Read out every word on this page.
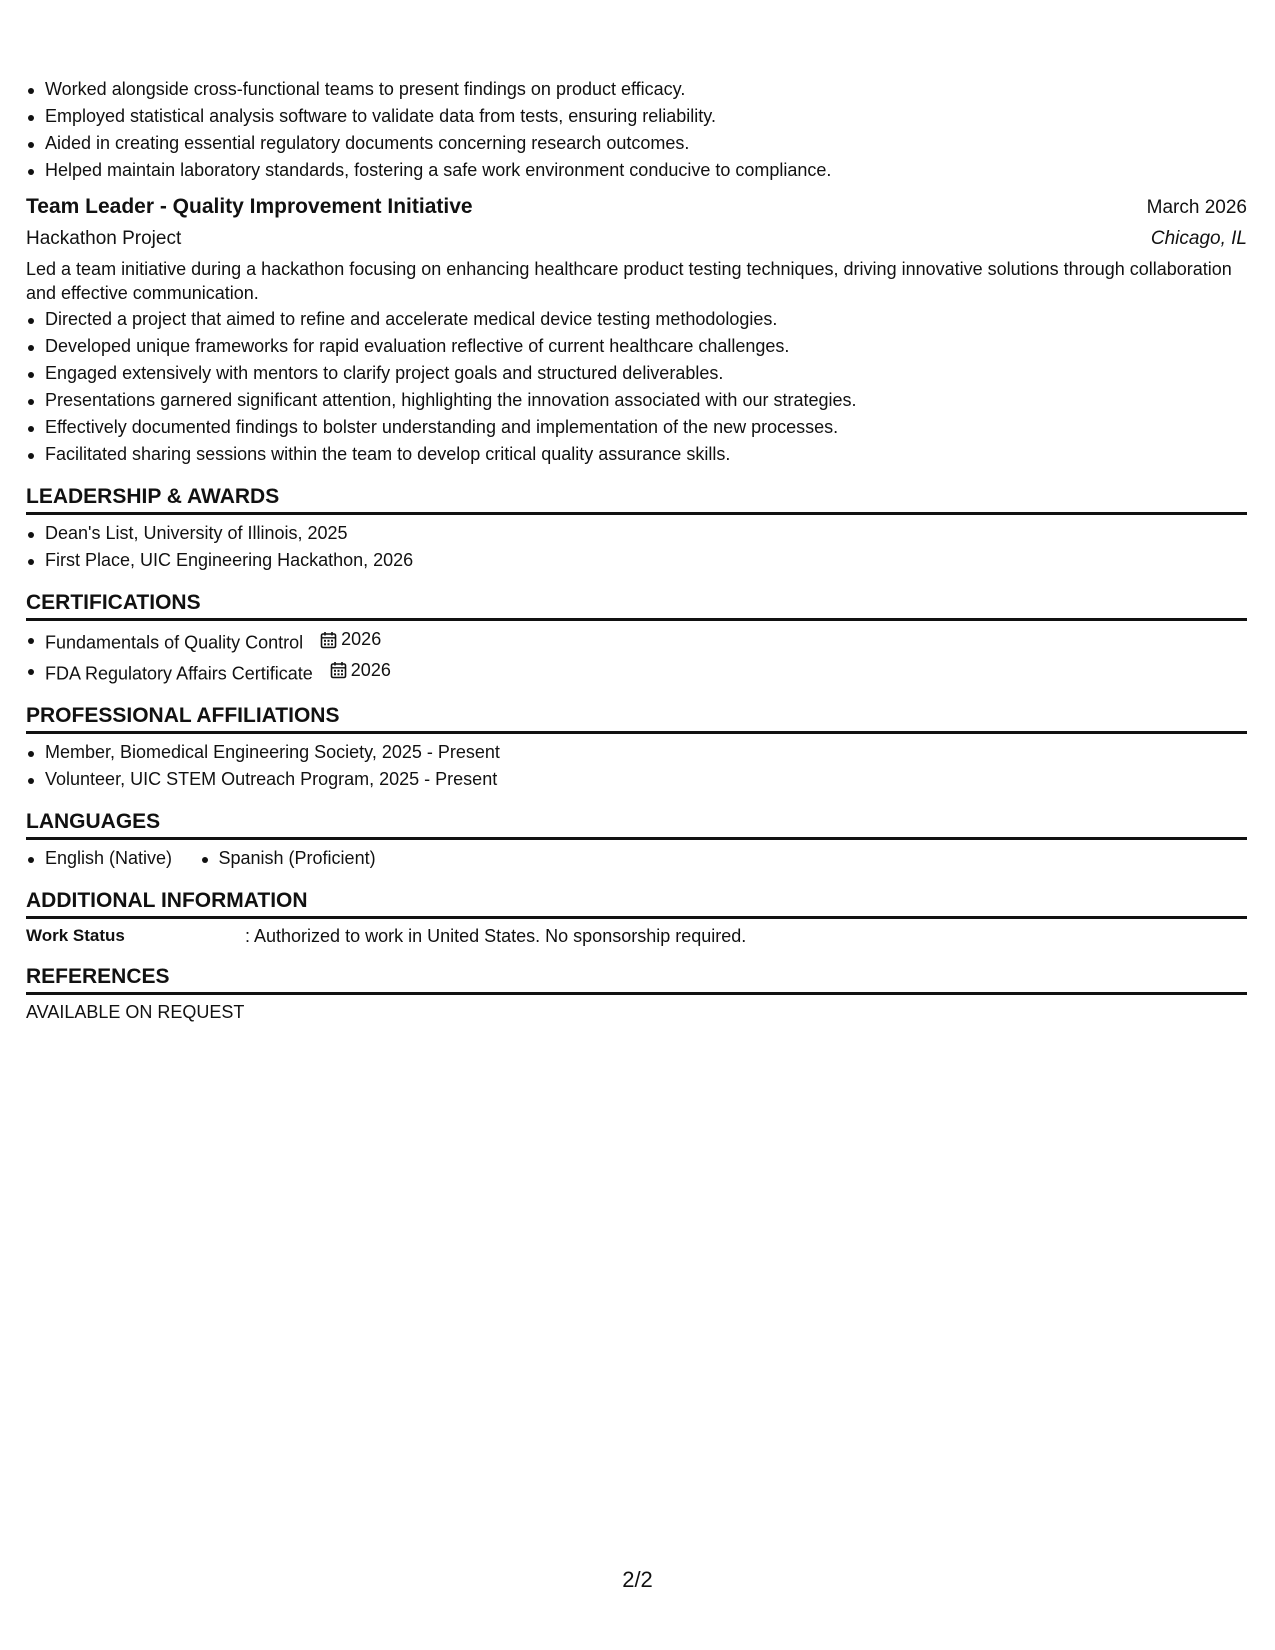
Worked alongside cross-functional teams to present findings on product efficacy.
Employed statistical analysis software to validate data from tests, ensuring reliability.
Aided in creating essential regulatory documents concerning research outcomes.
Helped maintain laboratory standards, fostering a safe work environment conducive to compliance.
Team Leader - Quality Improvement Initiative	March 2026
Hackathon Project	Chicago, IL
Led a team initiative during a hackathon focusing on enhancing healthcare product testing techniques, driving innovative solutions through collaboration and effective communication.
Directed a project that aimed to refine and accelerate medical device testing methodologies.
Developed unique frameworks for rapid evaluation reflective of current healthcare challenges.
Engaged extensively with mentors to clarify project goals and structured deliverables.
Presentations garnered significant attention, highlighting the innovation associated with our strategies.
Effectively documented findings to bolster understanding and implementation of the new processes.
Facilitated sharing sessions within the team to develop critical quality assurance skills.
LEADERSHIP & AWARDS
Dean's List, University of Illinois, 2025
First Place, UIC Engineering Hackathon, 2026
CERTIFICATIONS
Fundamentals of Quality Control 2026
FDA Regulatory Affairs Certificate 2026
PROFESSIONAL AFFILIATIONS
Member, Biomedical Engineering Society, 2025 - Present
Volunteer, UIC STEM Outreach Program, 2025 - Present
LANGUAGES
English (Native)	Spanish (Proficient)
ADDITIONAL INFORMATION
Work Status	: Authorized to work in United States. No sponsorship required.
REFERENCES
AVAILABLE ON REQUEST
2/2
